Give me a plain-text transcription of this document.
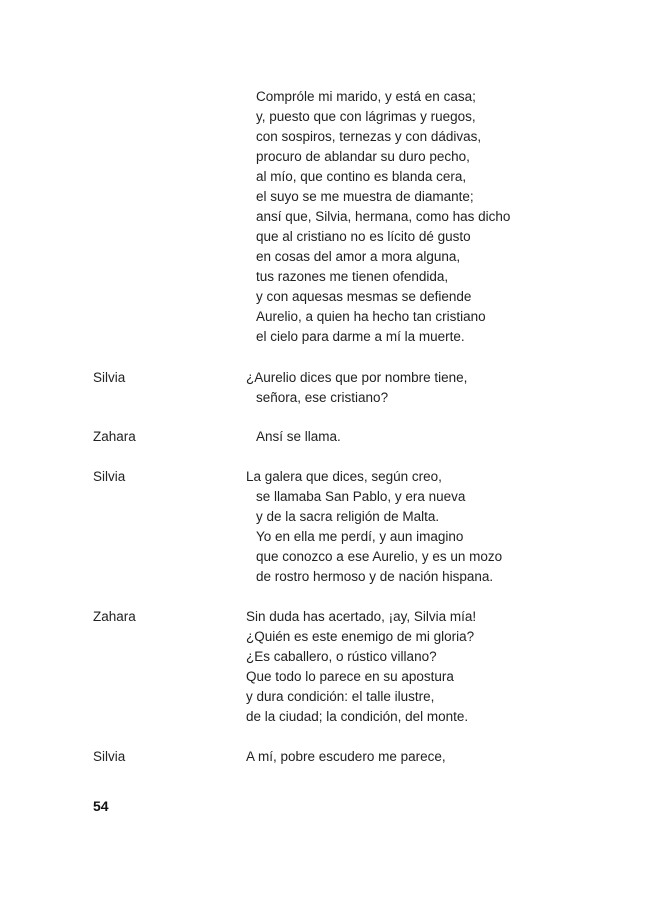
Compróle mi marido, y está en casa;
y, puesto que con lágrimas y ruegos,
con sospiros, ternezas y con dádivas,
procuro de ablandar su duro pecho,
al mío, que contino es blanda cera,
el suyo se me muestra de diamante;
ansí que, Silvia, hermana, como has dicho
que al cristiano no es lícito dé gusto
en cosas del amor a mora alguna,
tus razones me tienen ofendida,
y con aquesas mesmas se defiende
Aurelio, a quien ha hecho tan cristiano
el cielo para darme a mí la muerte.
Silvia	¿Aurelio dices que por nombre tiene,
señora, ese cristiano?
Zahara	Ansí se llama.
Silvia	La galera que dices, según creo,
se llamaba San Pablo, y era nueva
y de la sacra religión de Malta.
Yo en ella me perdí, y aun imagino
que conozco a ese Aurelio, y es un mozo
de rostro hermoso y de nación hispana.
Zahara	Sin duda has acertado, ¡ay, Silvia mía!
¿Quién es este enemigo de mi gloria?
¿Es caballero, o rústico villano?
Que todo lo parece en su apostura
y dura condición: el talle ilustre,
de la ciudad; la condición, del monte.
Silvia	A mí, pobre escudero me parece,
54
